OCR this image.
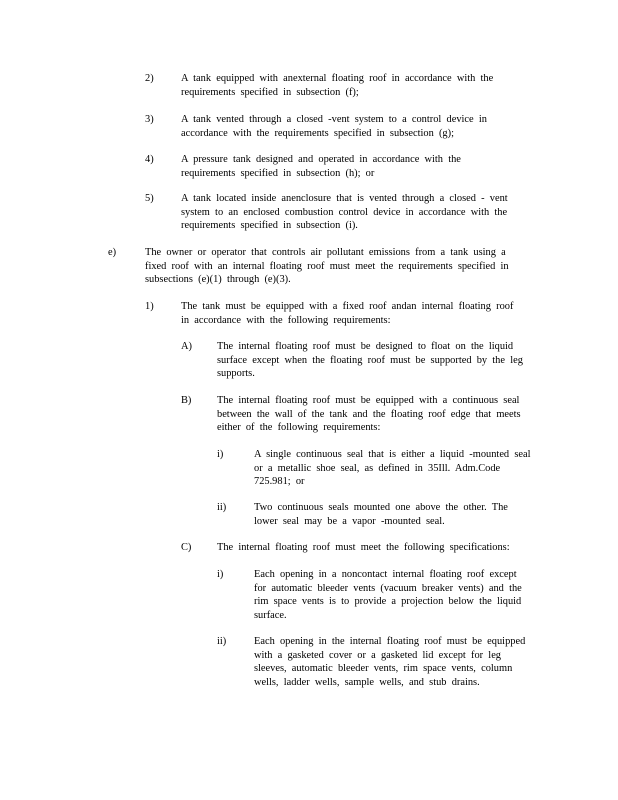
2)	A tank equipped with anexternal floating roof in accordance with the
requirements specified in subsection (f);
3)	A tank vented through a closed -vent system to a control device in
accordance with the requirements specified in subsection (g);
4)	A pressure tank designed and operated in accordance with the
requirements specified in subsection (h); or
5)	A tank located inside anenclosure that is vented through a closed - vent
system to an enclosed combustion control device in accordance with the
requirements specified in subsection (i).
e)	The owner or operator that controls air pollutant emissions from a tank using a
fixed roof with an internal floating roof must meet the requirements specified in
subsections (e)(1) through (e)(3).
1)	The tank must be equipped with a fixed roof andan internal floating roof
in accordance with the following requirements:
A) The internal floating roof must be designed to float on the liquid
surface except when the floating roof must be supported by the leg
supports.
B) The internal floating roof must be equipped with a continuous seal
between the wall of the tank and the floating roof edge that meets
either of the following requirements:
i)	A single continuous seal that is either a liquid -mounted seal
or a metallic shoe seal, as defined in 35Ill. Adm.Code
725.981; or
ii)	Two continuous seals mounted one above the other. The
lower seal may be a vapor -mounted seal.
C) The internal floating roof must meet the following specifications:
i)	Each opening in a noncontact internal floating roof except
for automatic bleeder vents (vacuum breaker vents) and the
rim space vents is to provide a projection below the liquid
surface.
ii)	Each opening in the internal floating roof must be equipped
with a gasketed cover or a gasketed lid except for leg
sleeves, automatic bleeder vents, rim space vents, column
wells, ladder wells, sample wells, and stub drains.
